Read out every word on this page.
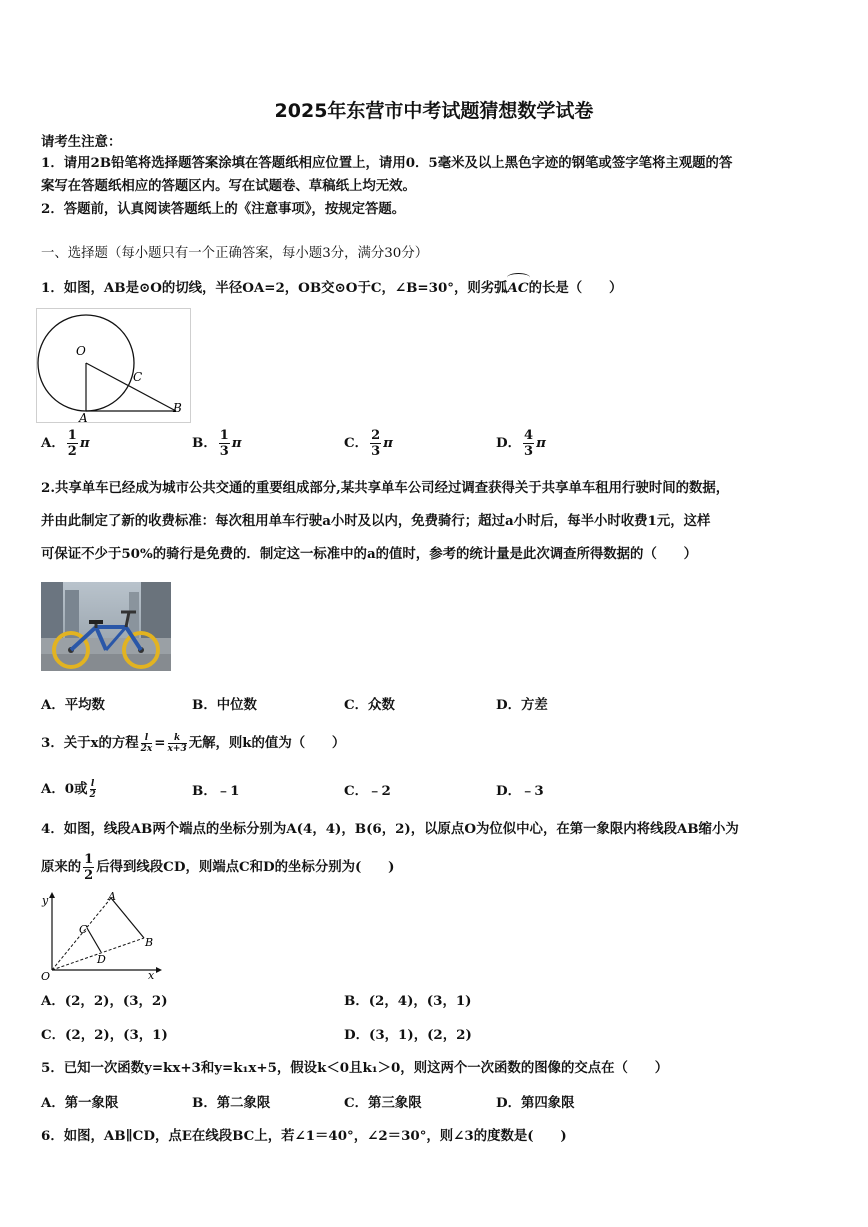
2025年东营市中考试题猜想数学试卷
请考生注意：
1．请用2B铅笔将选择题答案涂填在答题纸相应位置上，请用0．5毫米及以上黑色字迹的钢笔或签字笔将主观题的答
案写在答题纸相应的答题区内。写在试题卷、草稿纸上均无效。
2．答题前，认真阅读答题纸上的《注意事项》，按规定答题。
一、选择题（每小题只有一个正确答案，每小题3分，满分30分）
1．如图，AB是⊙O的切线，半径OA=2，OB交⊙O于C，∠B=30°，则劣弧AC的长是（　　）
O
C
A
B
A． $\frac{1}{2}$ π	B． $\frac{1}{3}$ π	C． $\frac{2}{3}$ π	D． $\frac{4}{3}$ π
2.共享单车已经成为城市公共交通的重要组成部分,某共享单车公司经过调查获得关于共享单车租用行驶时间的数据，
并由此制定了新的收费标准：每次租用单车行驶a小时及以内，免费骑行；超过a小时后，每半小时收费1元，这样
可保证不少于50%的骑行是免费的．制定这一标准中的a的值时，参考的统计量是此次调查所得数据的（　　）
A．平均数	B．中位数	C．众数	D．方差
3．关于x的方程 $\frac{l}{2x} = \frac{k}{x+3}$ 无解，则k的值为（　　）
A．0或 $\frac{l}{2}$	B．﹣1	C．﹣2	D．﹣3
4．如图，线段AB两个端点的坐标分别为A(4，4)，B(6，2)，以原点O为位似中心，在第一象限内将线段AB缩小为
原来的 $\frac{1}{2}$ 后得到线段CD，则端点C和D的坐标分别为(　　)
y
x
O
A
B
C
D
A．(2，2)，(3，2)	B．(2，4)，(3，1)
C．(2，2)，(3，1)	D．(3，1)，(2，2)
5．已知一次函数y=kx+3和y=k₁x+5，假设k＜0且k₁＞0，则这两个一次函数的图像的交点在（　　）
A．第一象限	B．第二象限	C．第三象限	D．第四象限
6．如图，AB∥CD，点E在线段BC上，若∠1＝40°，∠2＝30°，则∠3的度数是(　　)
